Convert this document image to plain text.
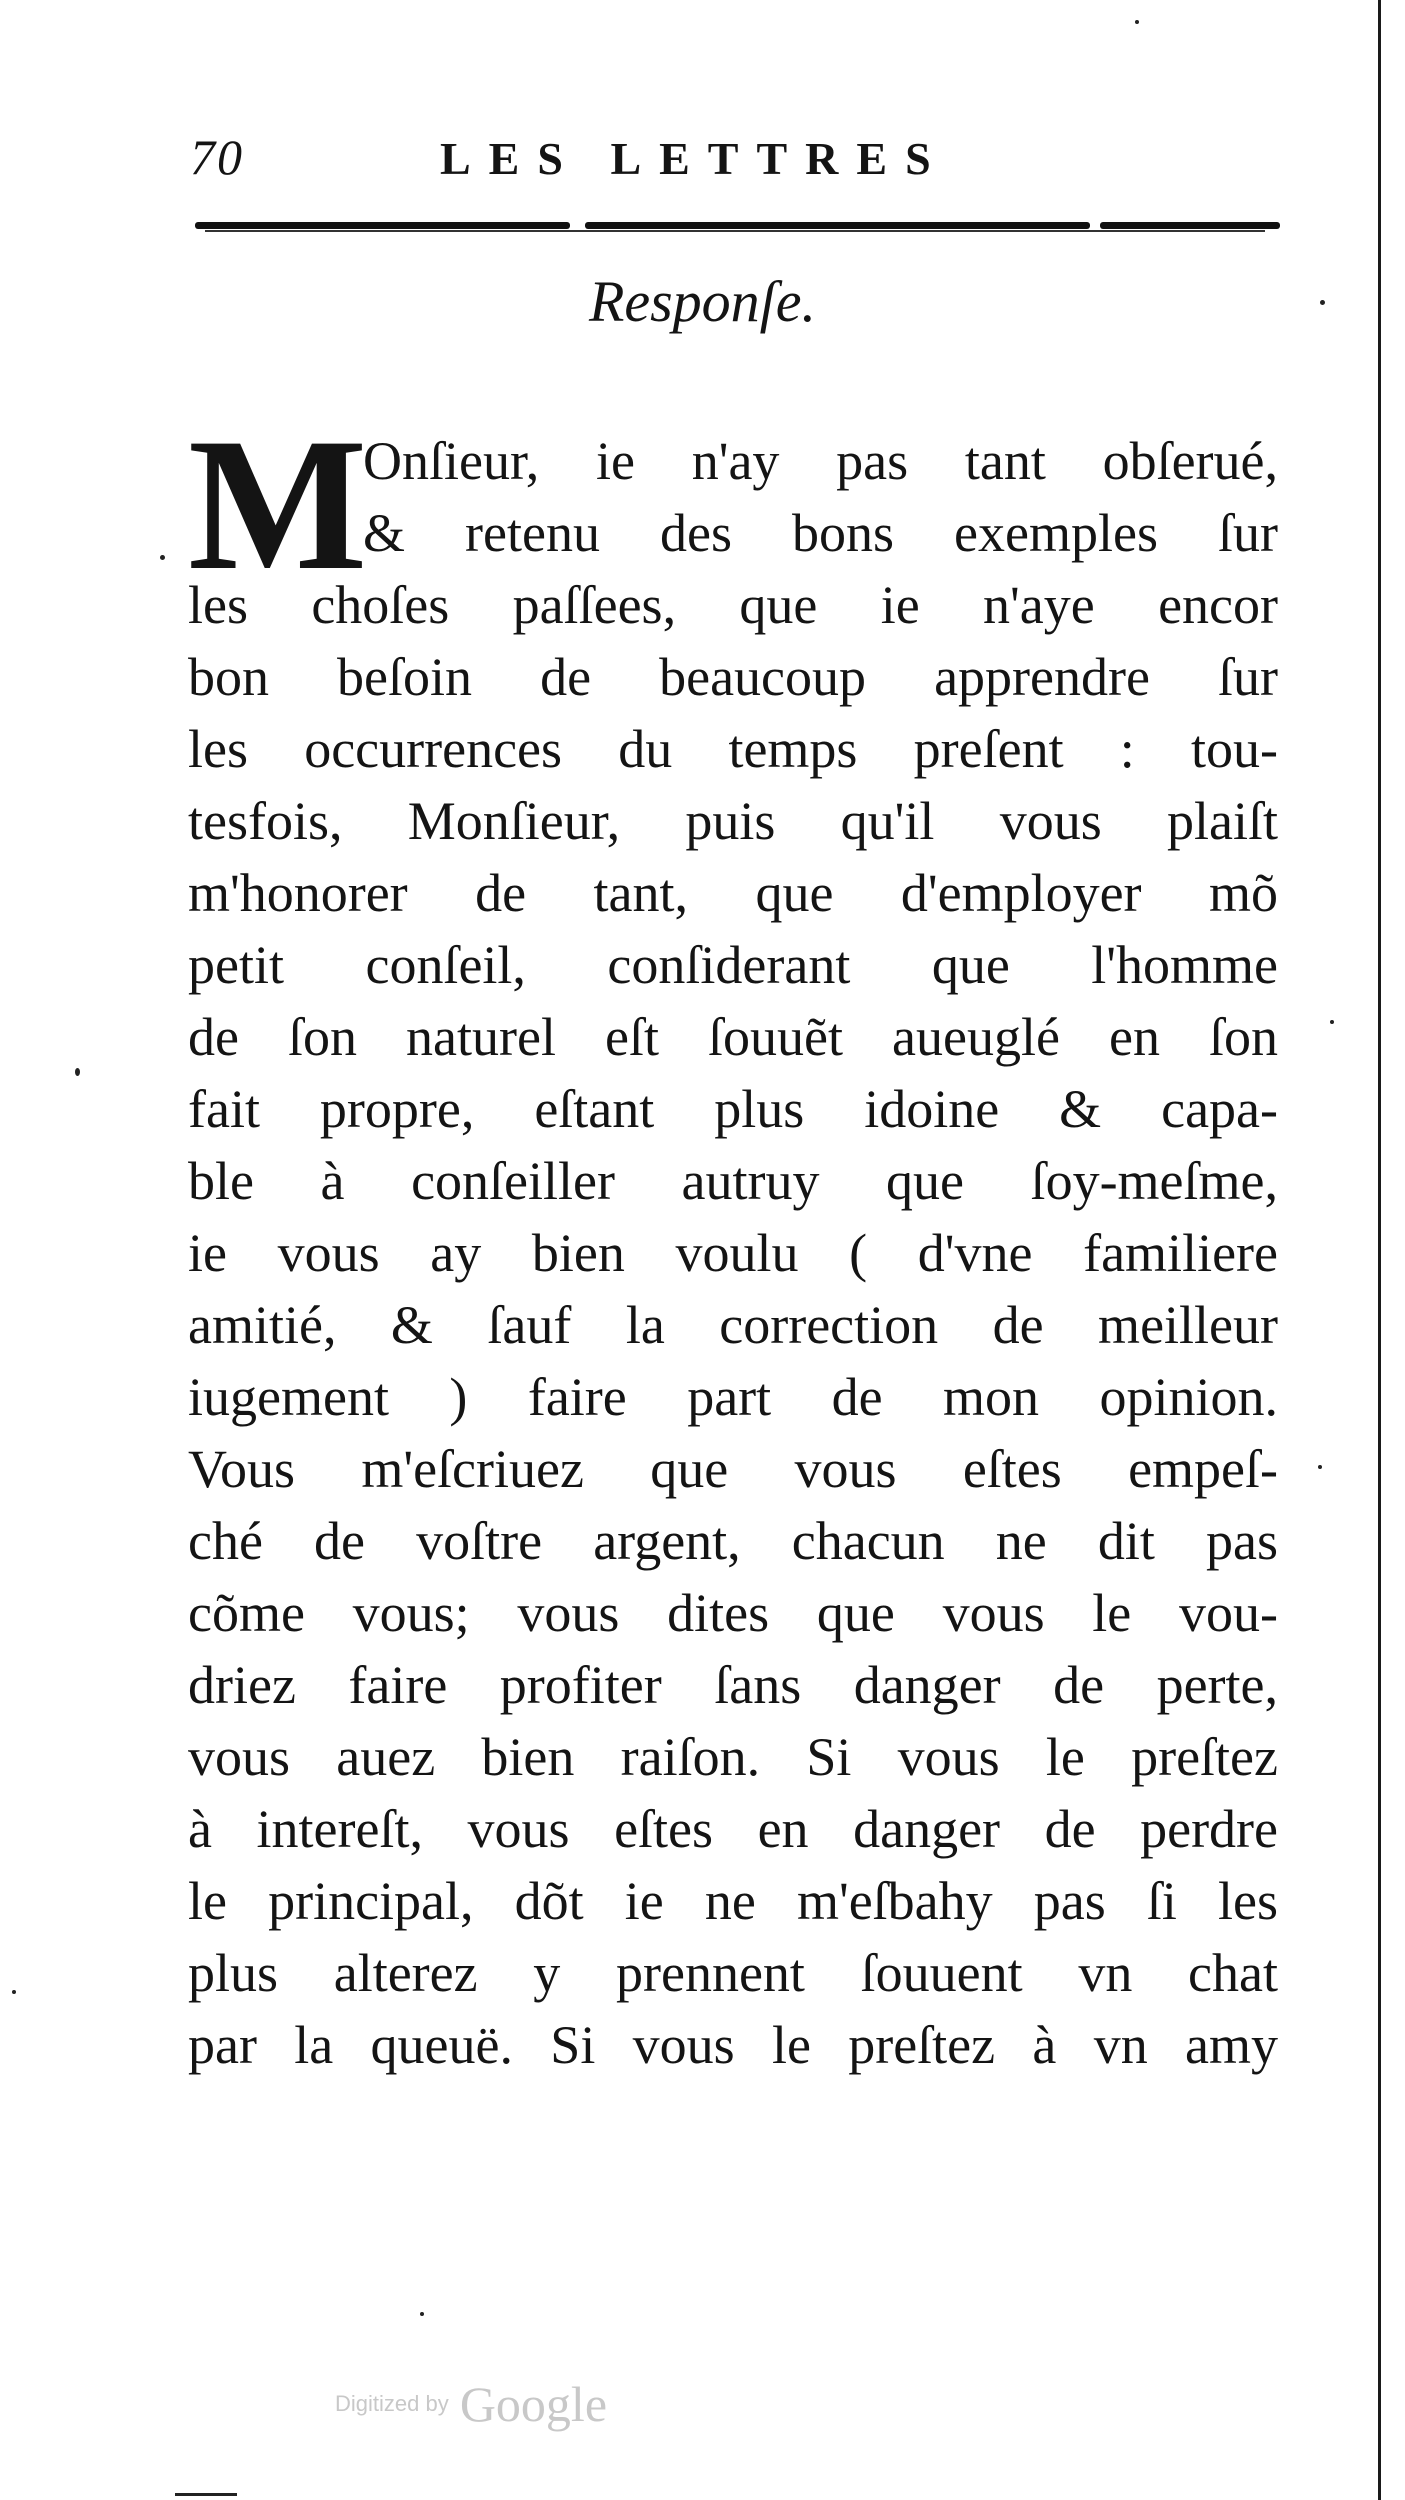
70	LES LETTRES
Responſe.
M
Onſieur, ie n'ay pas tant obſerué,
& retenu des bons exemples ſur
les choſes paſſees, que ie n'aye encor
bon beſoin de beaucoup apprendre ſur
les occurrences du temps preſent : tou-
tesfois, Monſieur, puis qu'il vous plaiſt
m'honorer de tant, que d'employer mõ
petit conſeil, conſiderant que l'homme
de ſon naturel eſt ſouuẽt aueuglé en ſon
fait propre, eſtant plus idoine & capa-
ble à conſeiller autruy que ſoy-meſme,
ie vous ay bien voulu ( d'vne familiere
amitié, & ſauf la correction de meilleur
iugement ) faire part de mon opinion.
Vous m'eſcriuez que vous eſtes empeſ-
ché de voſtre argent, chacun ne dit pas
cõme vous; vous dites que vous le vou-
driez faire profiter ſans danger de perte,
vous auez bien raiſon. Si vous le preſtez
à intereſt, vous eſtes en danger de perdre
le principal, dõt ie ne m'eſbahy pas ſi les
plus alterez y prennent ſouuent vn chat
par la queuë. Si vous le preſtez à vn amy
Digitized by Google
